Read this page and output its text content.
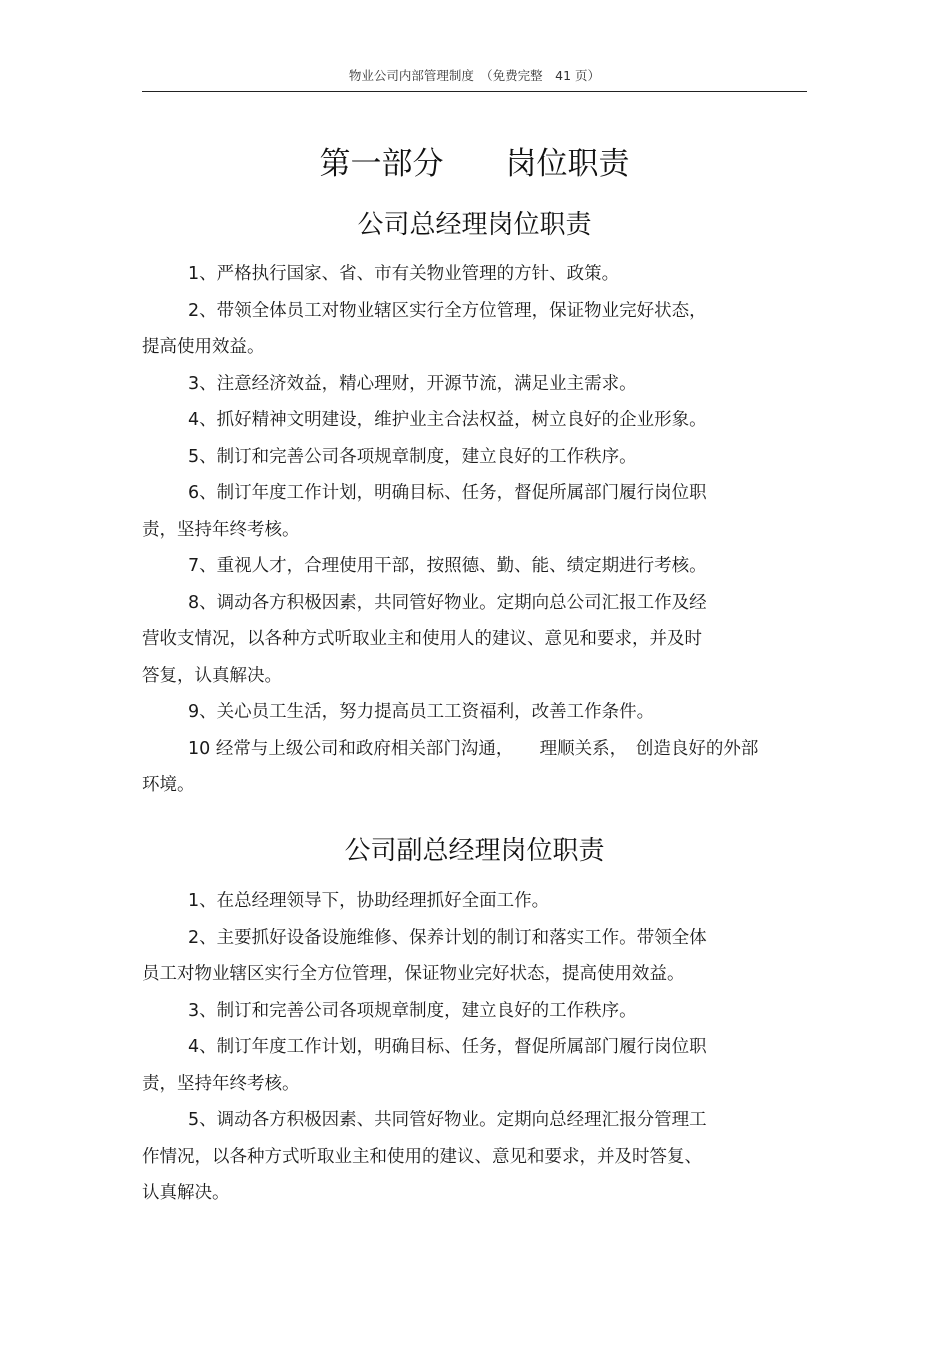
物业公司内部管理制度　（免费完整　41 页）
第一部分　　岗位职责
公司总经理岗位职责
1、严格执行国家、省、市有关物业管理的方针、政策。
2、带领全体员工对物业辖区实行全方位管理，保证物业完好状态，
提高使用效益。
3、注意经济效益，精心理财，开源节流，满足业主需求。
4、抓好精神文明建设，维护业主合法权益，树立良好的企业形象。
5、制订和完善公司各项规章制度，建立良好的工作秩序。
6、制订年度工作计划，明确目标、任务，督促所属部门履行岗位职
责，坚持年终考核。
7、重视人才，合理使用干部，按照德、勤、能、绩定期进行考核。
8、调动各方积极因素，共同管好物业。定期向总公司汇报工作及经
营收支情况，以各种方式听取业主和使用人的建议、意见和要求，并及时
答复，认真解决。
9、关心员工生活，努力提高员工工资福利，改善工作条件。
10 经常与上级公司和政府相关部门沟通，　　理顺关系，　创造良好的外部
环境。
公司副总经理岗位职责
1、在总经理领导下，协助经理抓好全面工作。
2、主要抓好设备设施维修、保养计划的制订和落实工作。带领全体
员工对物业辖区实行全方位管理，保证物业完好状态，提高使用效益。
3、制订和完善公司各项规章制度，建立良好的工作秩序。
4、制订年度工作计划，明确目标、任务，督促所属部门履行岗位职
责，坚持年终考核。
5、调动各方积极因素、共同管好物业。定期向总经理汇报分管理工
作情况，以各种方式听取业主和使用的建议、意见和要求，并及时答复、
认真解决。
